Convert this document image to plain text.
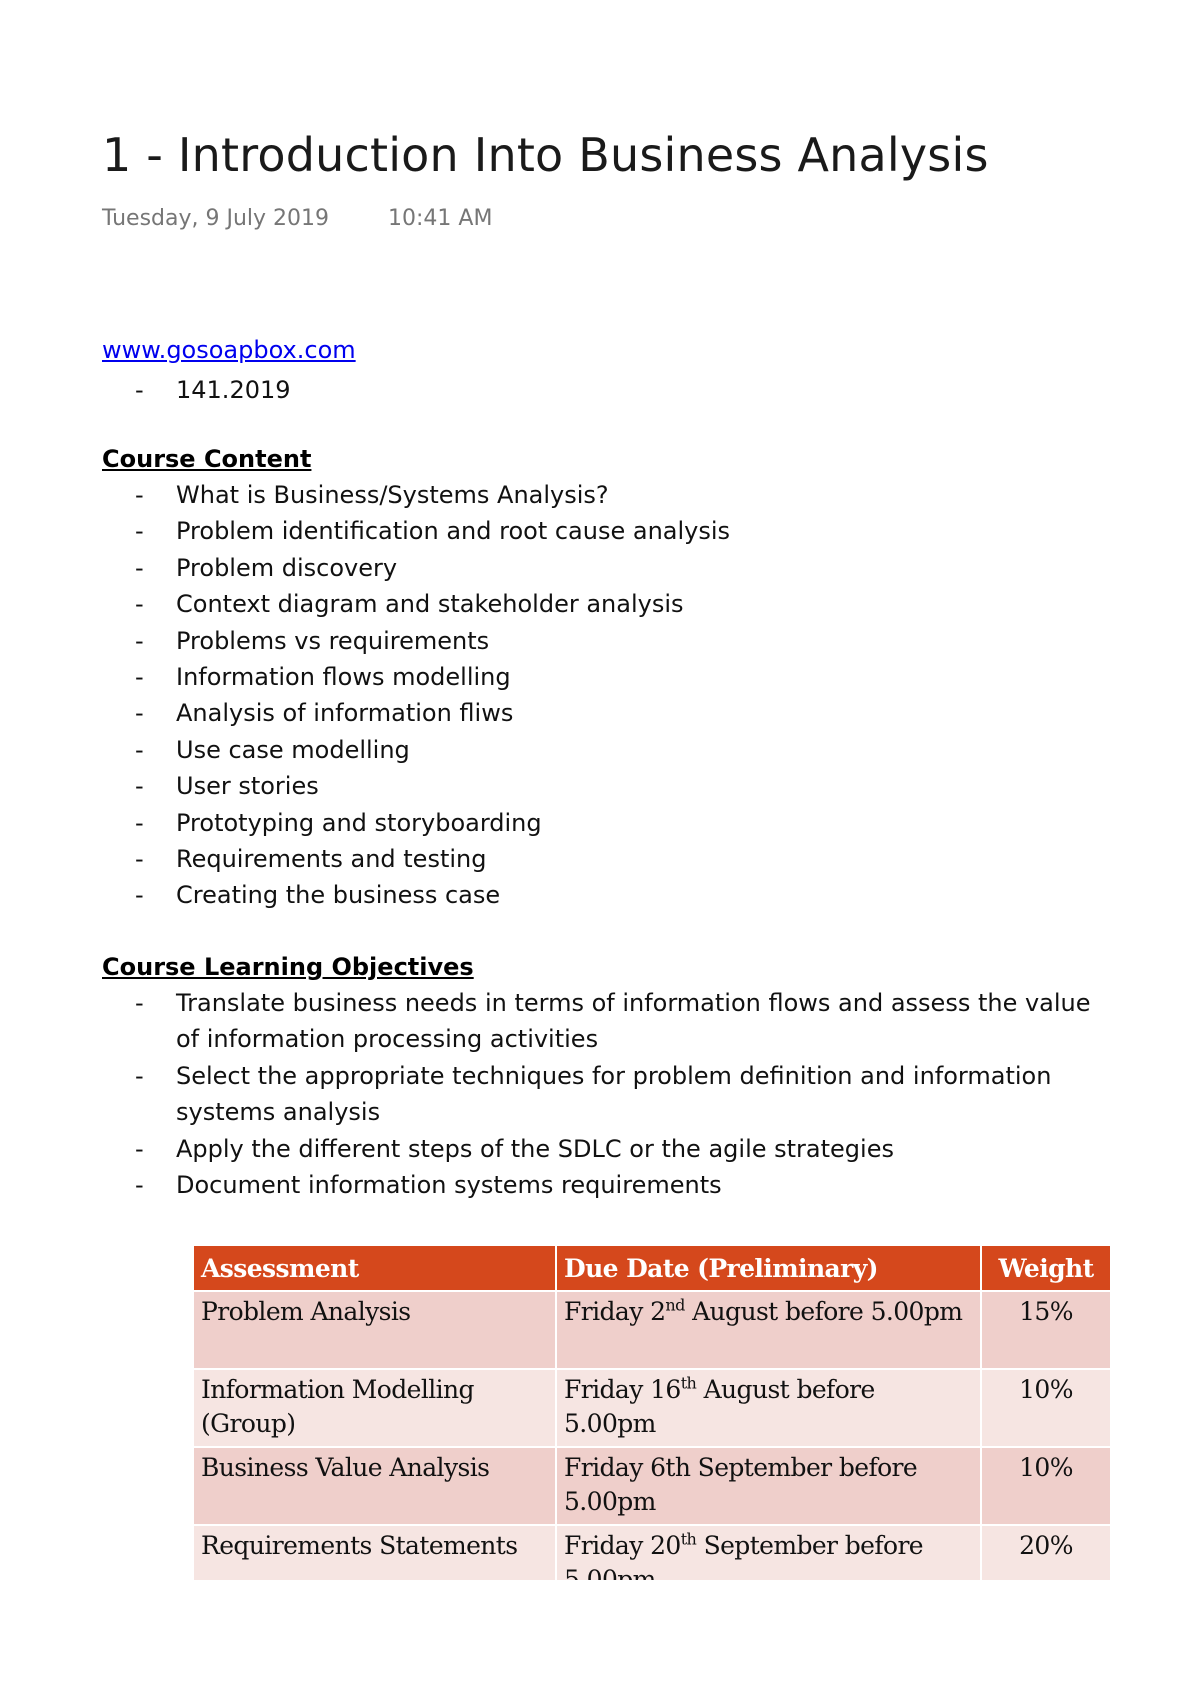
1 - Introduction Into Business Analysis
Tuesday, 9 July 2019	10:41 AM
www.gosoapbox.com
- 141.2019
Course Content
- What is Business/Systems Analysis?
- Problem identification and root cause analysis
- Problem discovery
- Context diagram and stakeholder analysis
- Problems vs requirements
- Information flows modelling
- Analysis of information fliws
- Use case modelling
- User stories
- Prototyping and storyboarding
- Requirements and testing
- Creating the business case
Course Learning Objectives
- Translate business needs in terms of information flows and assess the value of information processing activities
- Select the appropriate techniques for problem definition and information systems analysis
- Apply the different steps of the SDLC or the agile strategies
- Document information systems requirements
Assessment	Due Date (Preliminary)	Weight
Problem Analysis	Friday 2nd August before 5.00pm	15%
Information Modelling (Group)	Friday 16th August before 5.00pm	10%
Business Value Analysis	Friday 6th September before 5.00pm	10%
Requirements Statements	Friday 20th September before	20%
